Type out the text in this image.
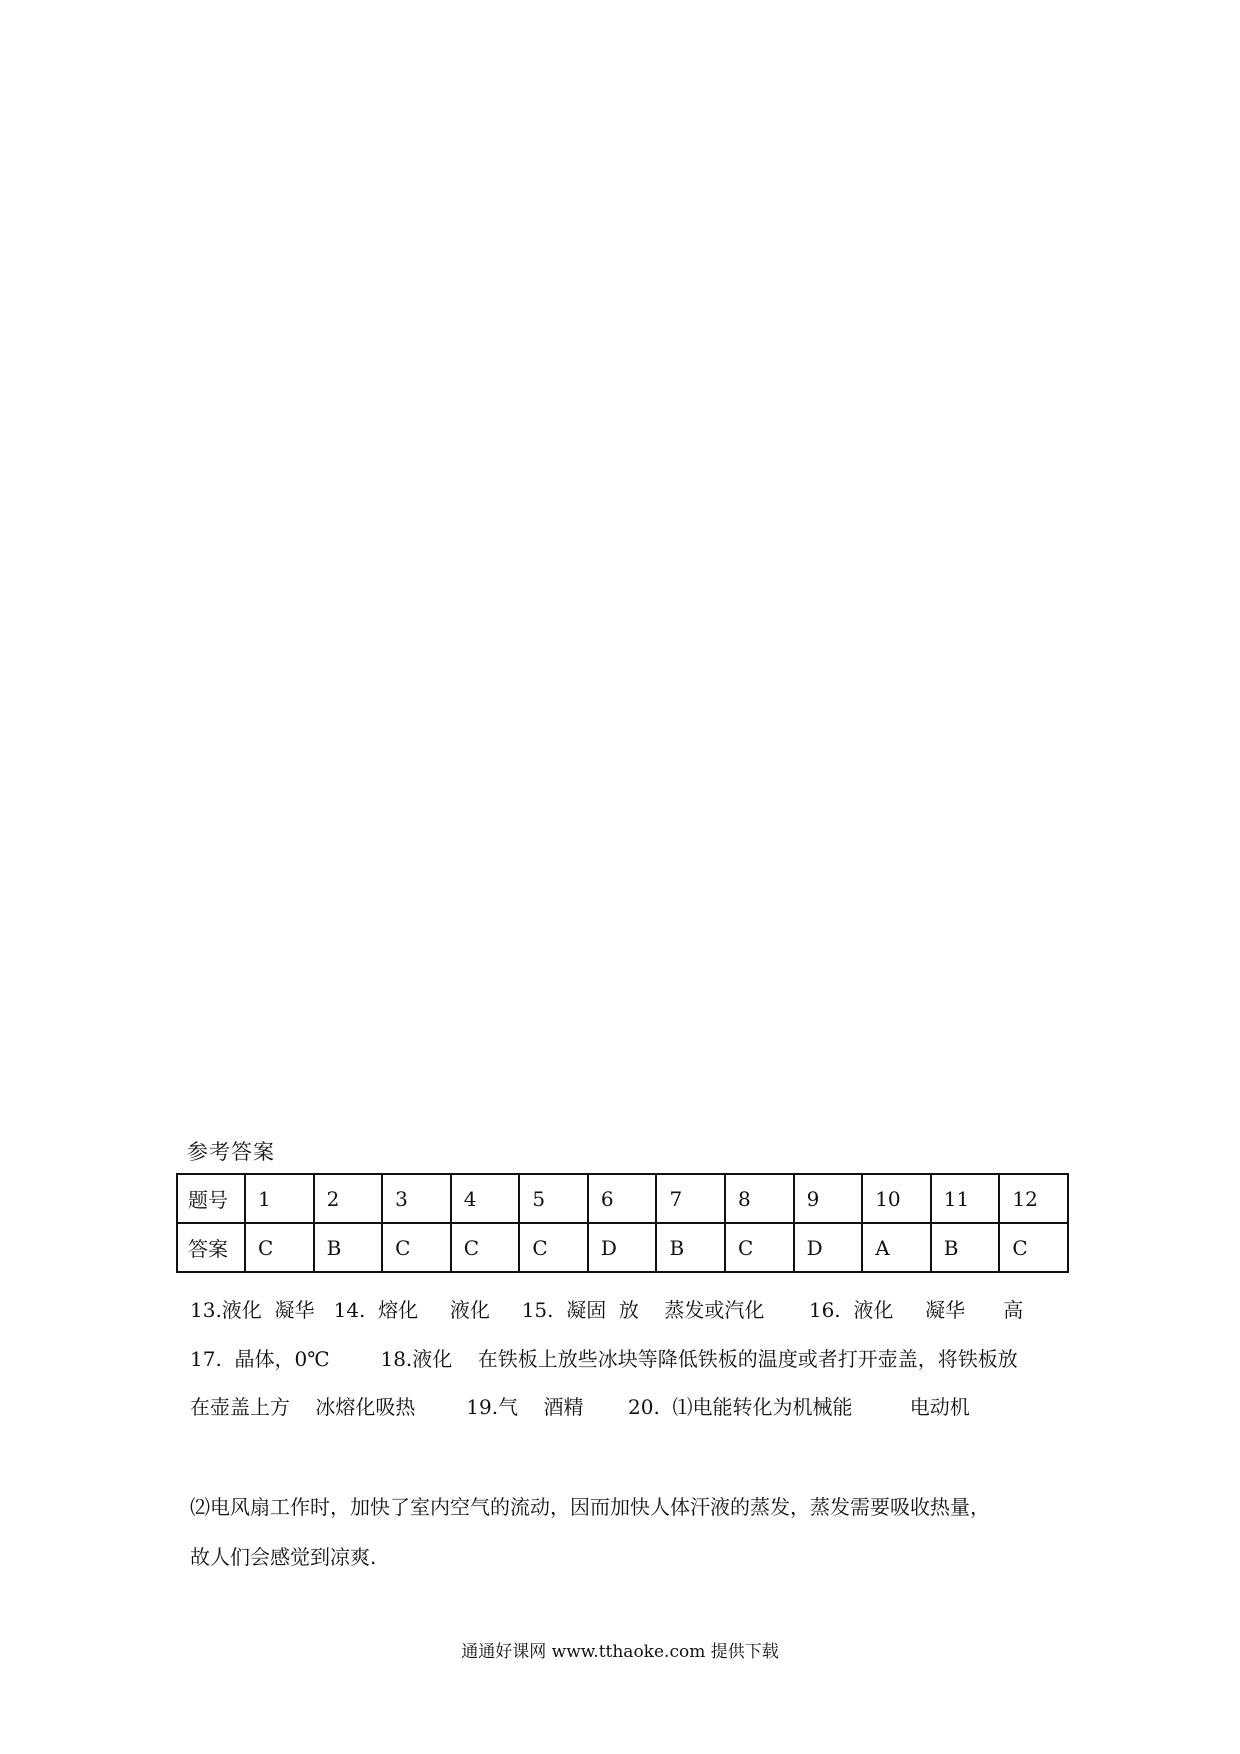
参考答案
题号	1	2	3	4	5	6	7	8	9	10	11	12
答案	C	B	C	C	C	D	B	C	D	A	B	C
13.液化  凝华   14.  熔化     液化     15.  凝固  放    蒸发或汽化       16.  液化     凝华      高
17.  晶体，0℃        18.液化    在铁板上放些冰块等降低铁板的温度或者打开壶盖，将铁板放
在壶盖上方    冰熔化吸热        19.气    酒精       20.  ⑴电能转化为机械能         电动机
⑵电风扇工作时，加快了室内空气的流动，因而加快人体汗液的蒸发，蒸发需要吸收热量，
故人们会感觉到凉爽.
通通好课网 www.tthaoke.com 提供下载
